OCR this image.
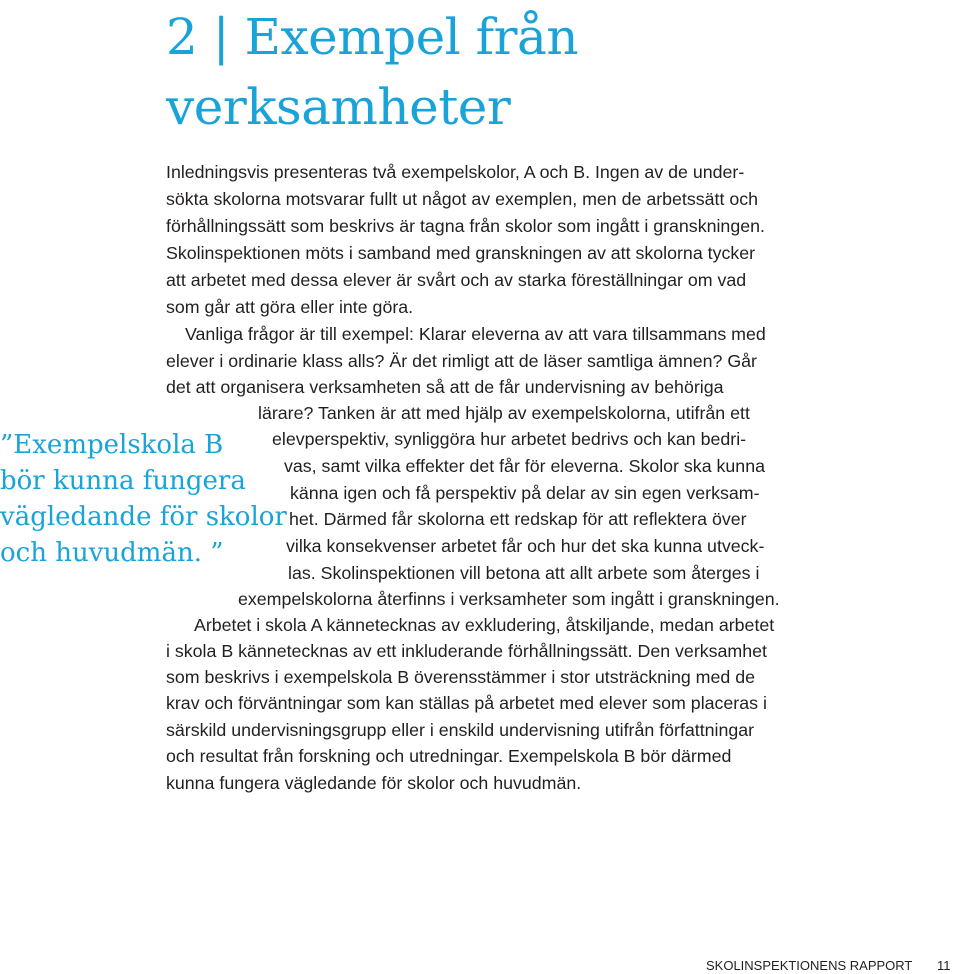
2 | Exempel från
verksamheter
Inledningsvis presenteras två exempelskolor, A och B. Ingen av de under-
sökta skolorna motsvarar fullt ut något av exemplen, men de arbetssätt och
förhållningssätt som beskrivs är tagna från skolor som ingått i granskningen.
Skolinspektionen möts i samband med granskningen av att skolorna tycker
att arbetet med dessa elever är svårt och av starka föreställningar om vad
som går att göra eller inte göra.
Vanliga frågor är till exempel: Klarar eleverna av att vara tillsammans med
elever i ordinarie klass alls? Är det rimligt att de läser samtliga ämnen? Går
det att organisera verksamheten så att de får undervisning av behöriga
lärare? Tanken är att med hjälp av exempelskolorna, utifrån ett
elevperspektiv, synliggöra hur arbetet bedrivs och kan bedri-
vas, samt vilka effekter det får för eleverna. Skolor ska kunna
känna igen och få perspektiv på delar av sin egen verksam-
het. Därmed får skolorna ett redskap för att reflektera över
vilka konsekvenser arbetet får och hur det ska kunna utveck-
las. Skolinspektionen vill betona att allt arbete som återges i
exempelskolorna återfinns i verksamheter som ingått i granskningen.
Arbetet i skola A kännetecknas av exkludering, åtskiljande, medan arbetet
i skola B kännetecknas av ett inkluderande förhållningssätt. Den verksamhet
som beskrivs i exempelskola B överensstämmer i stor utsträckning med de
krav och förväntningar som kan ställas på arbetet med elever som placeras i
särskild undervisningsgrupp eller i enskild undervisning utifrån författningar
och resultat från forskning och utredningar. Exempelskola B bör därmed
kunna fungera vägledande för skolor och huvudmän.
”Exempelskola B
bör kunna fungera
vägledande för skolor
och huvudmän. ”
SKOLINSPEKTIONENS RAPPORT 11
